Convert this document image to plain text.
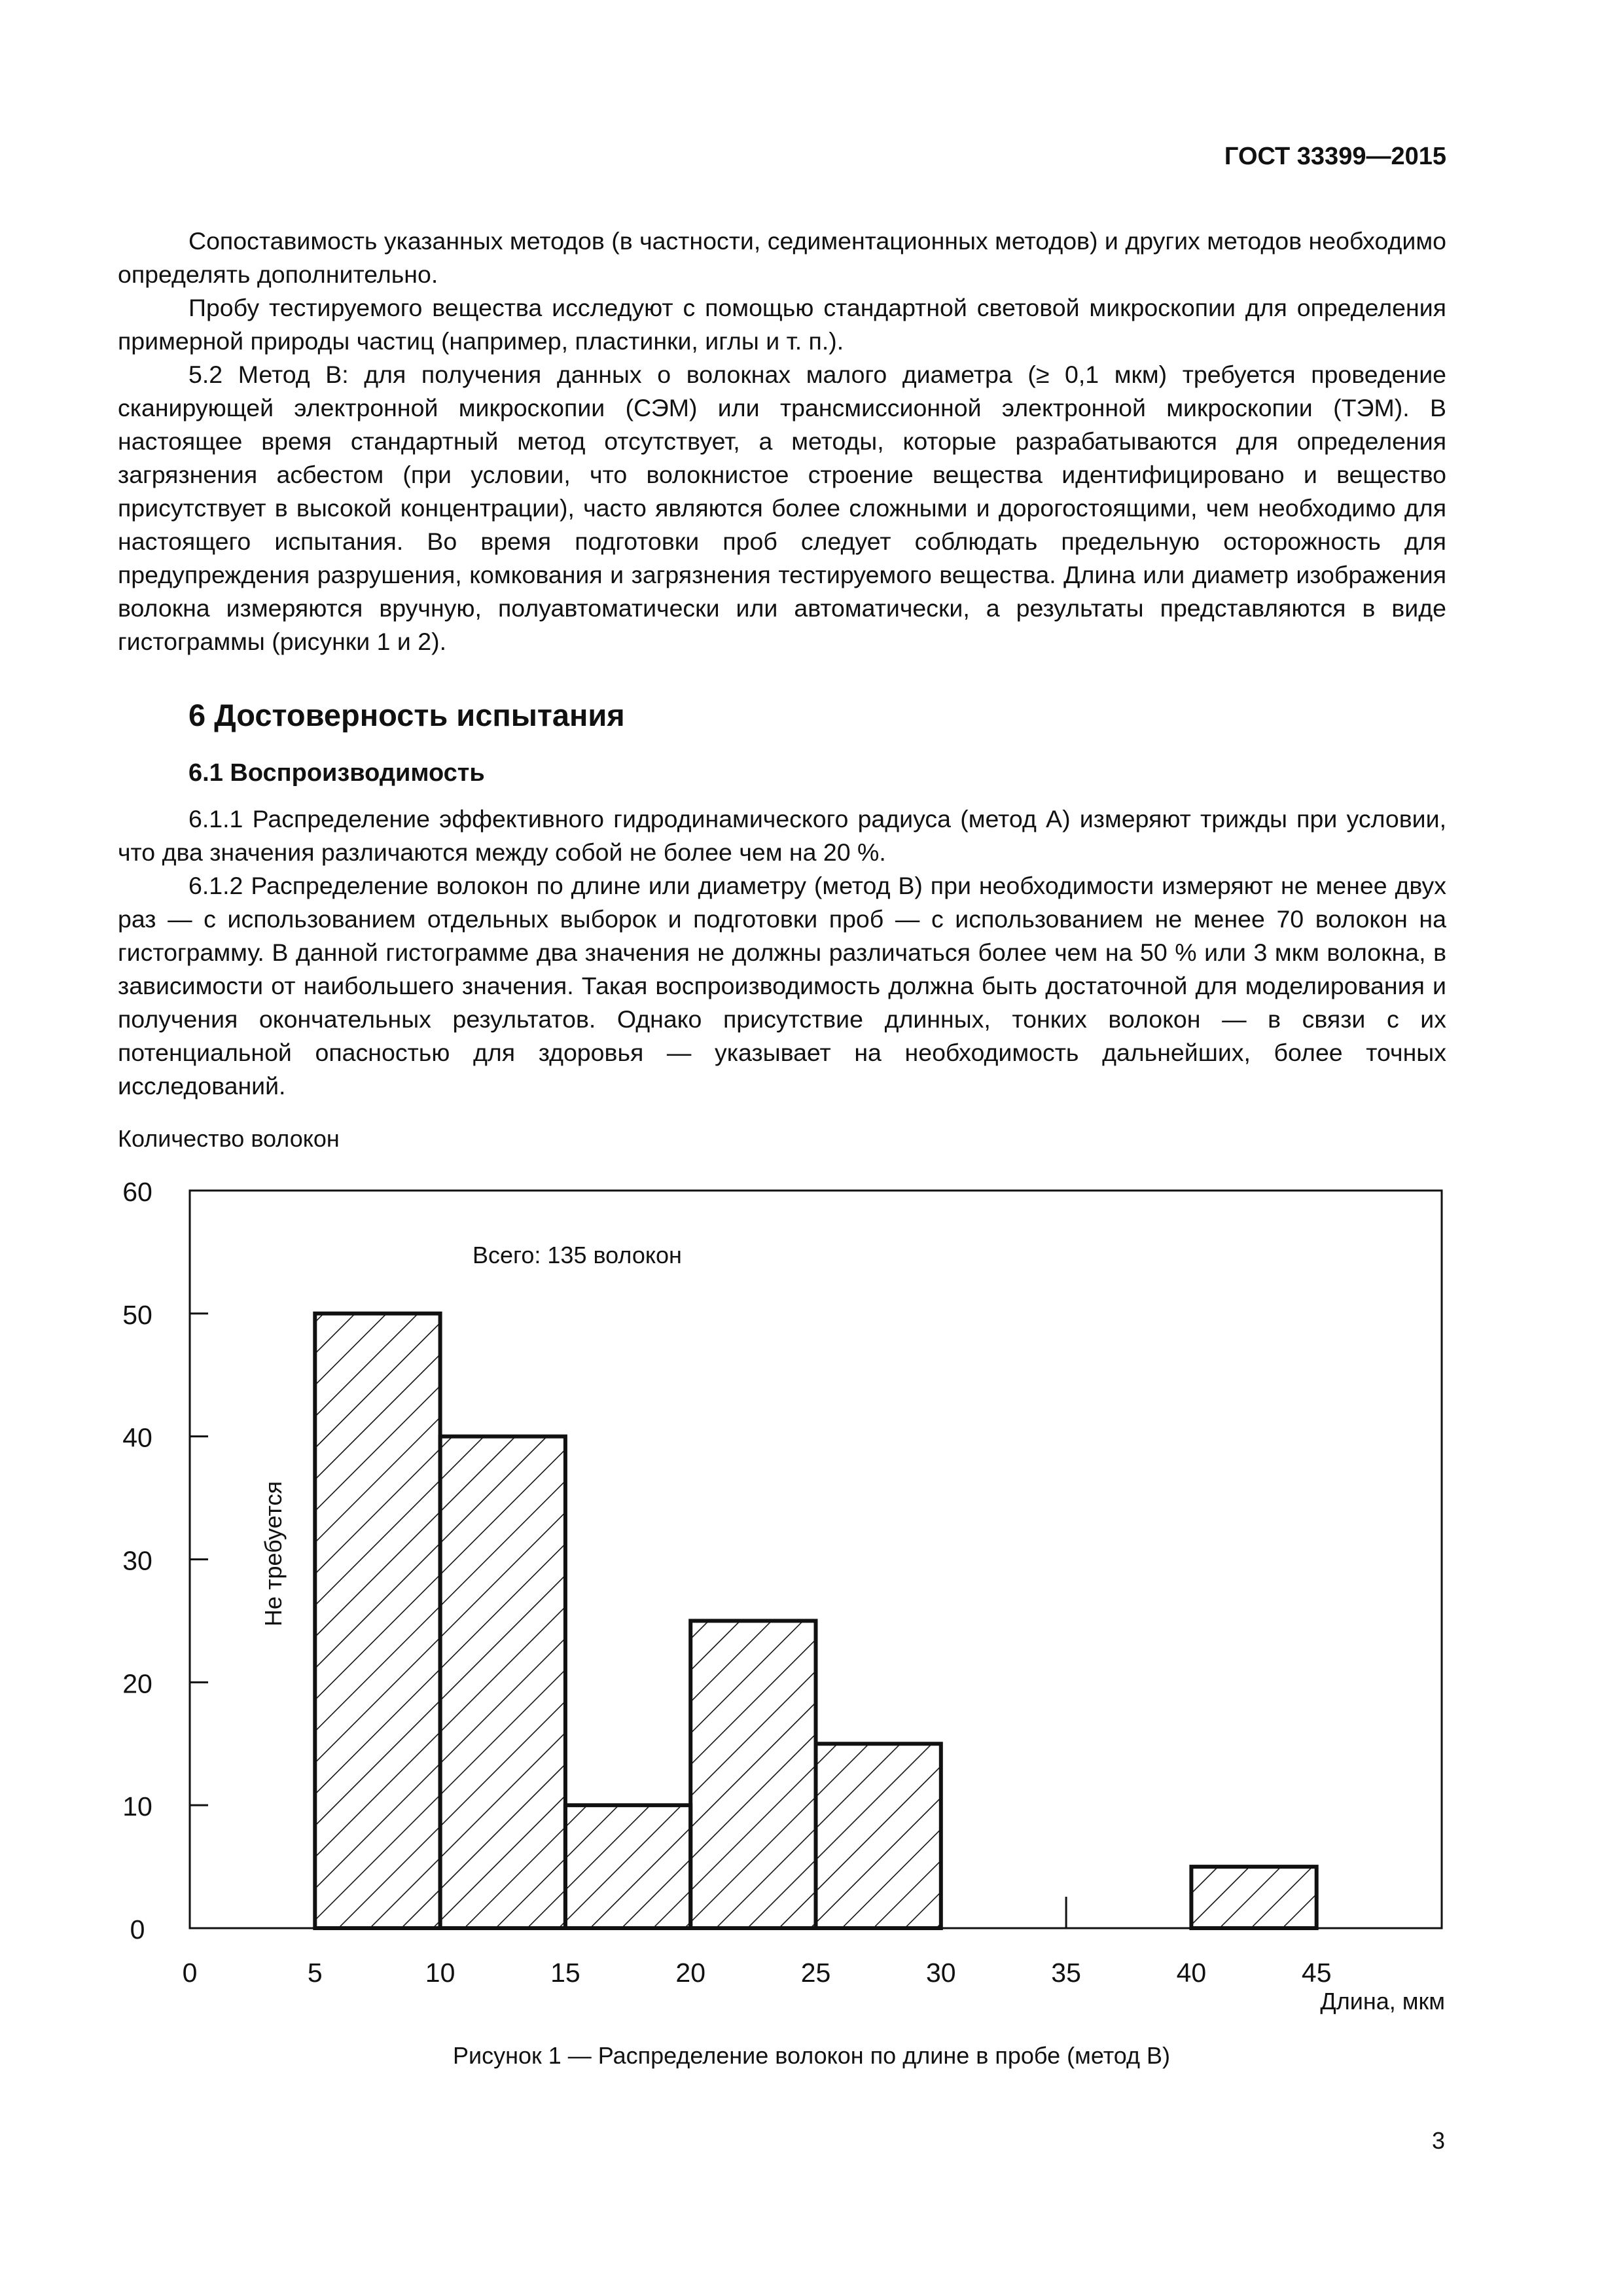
ГОСТ 33399—2015

Сопоставимость указанных методов (в частности, седиментационных методов) и других методов необходимо определять дополнительно.

Пробу тестируемого вещества исследуют с помощью стандартной световой микроскопии для определения примерной природы частиц (например, пластинки, иглы и т. п.).

5.2 Метод В: для получения данных о волокнах малого диаметра (≥ 0,1 мкм) требуется проведение сканирующей электронной микроскопии (СЭМ) или трансмиссионной электронной микроскопии (ТЭМ). В настоящее время стандартный метод отсутствует, а методы, которые разрабатываются для определения загрязнения асбестом (при условии, что волокнистое строение вещества идентифицировано и вещество присутствует в высокой концентрации), часто являются более сложными и дорогостоящими, чем необходимо для настоящего испытания. Во время подготовки проб следует соблюдать предельную осторожность для предупреждения разрушения, комкования и загрязнения тестируемого вещества. Длина или диаметр изображения волокна измеряются вручную, полуавтоматически или автоматически, а результаты представляются в виде гистограммы (рисунки 1 и 2).

6 Достоверность испытания
6.1 Воспроизводимость

6.1.1 Распределение эффективного гидродинамического радиуса (метод А) измеряют трижды при условии, что два значения различаются между собой не более чем на 20 %.

6.1.2 Распределение волокон по длине или диаметру (метод В) при необходимости измеряют не менее двух раз — с использованием отдельных выборок и подготовки проб — с использованием не менее 70 волокон на гистограмму. В данной гистограмме два значения не должны различаться более чем на 50 % или 3 мкм волокна, в зависимости от наибольшего значения. Такая воспроизводимость должна быть достаточной для моделирования и получения окончательных результатов. Однако присутствие длинных, тонких волокон — в связи с их потенциальной опасностью для здоровья — указывает на необходимость дальнейших, более точных исследований.

0
10
20
30
40
50
60
0	5	10	15	20	25	30	35	40	45
Количество волокон
Длина, мкм
Всего: 135 волокон
Не требуется
Рисунок 1 — Распределение волокон по длине в пробе (метод В)
3
